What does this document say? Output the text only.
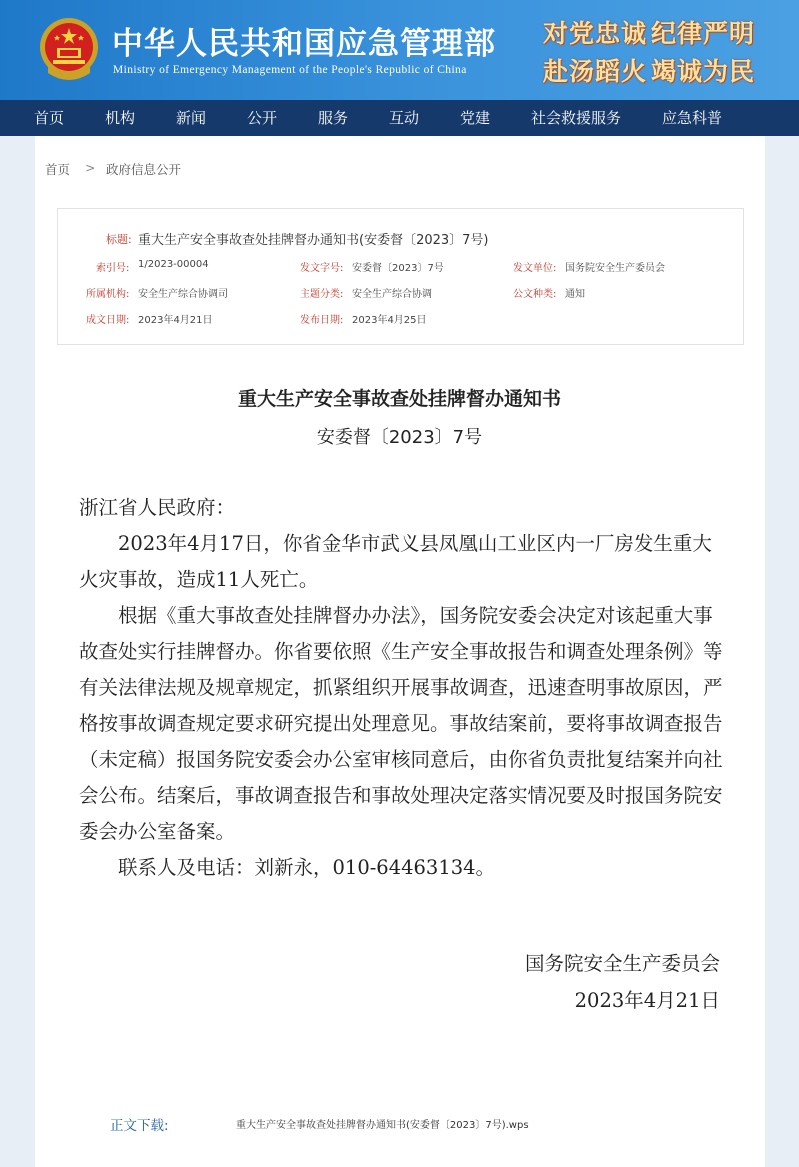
中华人民共和国应急管理部
Ministry of Emergency Management of the People's Republic of China
对党忠诚 纪律严明
赴汤蹈火 竭诚为民
首页	机构	新闻	公开	服务	互动	党建	社会救援服务	应急科普
首页 > 政府信息公开
标题: 重大生产安全事故查处挂牌督办通知书(安委督〔2023〕7号)
索引号: 1/2023-00004	发文字号: 安委督〔2023〕7号	发文单位: 国务院安全生产委员会
所属机构: 安全生产综合协调司	主题分类: 安全生产综合协调	公文种类: 通知
成文日期: 2023年4月21日	发布日期: 2023年4月25日
重大生产安全事故查处挂牌督办通知书
安委督〔2023〕7号

浙江省人民政府：

2023年4月17日，你省金华市武义县凤凰山工业区内一厂房发生重大火灾事故，造成11人死亡。

根据《重大事故查处挂牌督办办法》，国务院安委会决定对该起重大事故查处实行挂牌督办。你省要依照《生产安全事故报告和调查处理条例》等有关法律法规及规章规定，抓紧组织开展事故调查，迅速查明事故原因，严格按事故调查规定要求研究提出处理意见。事故结案前，要将事故调查报告（未定稿）报国务院安委会办公室审核同意后，由你省负责批复结案并向社会公布。结案后，事故调查报告和事故处理决定落实情况要及时报国务院安委会办公室备案。

联系人及电话：刘新永，010-64463134。

国务院安全生产委员会
2023年4月21日
正文下载:	重大生产安全事故查处挂牌督办通知书(安委督〔2023〕7号).wps
